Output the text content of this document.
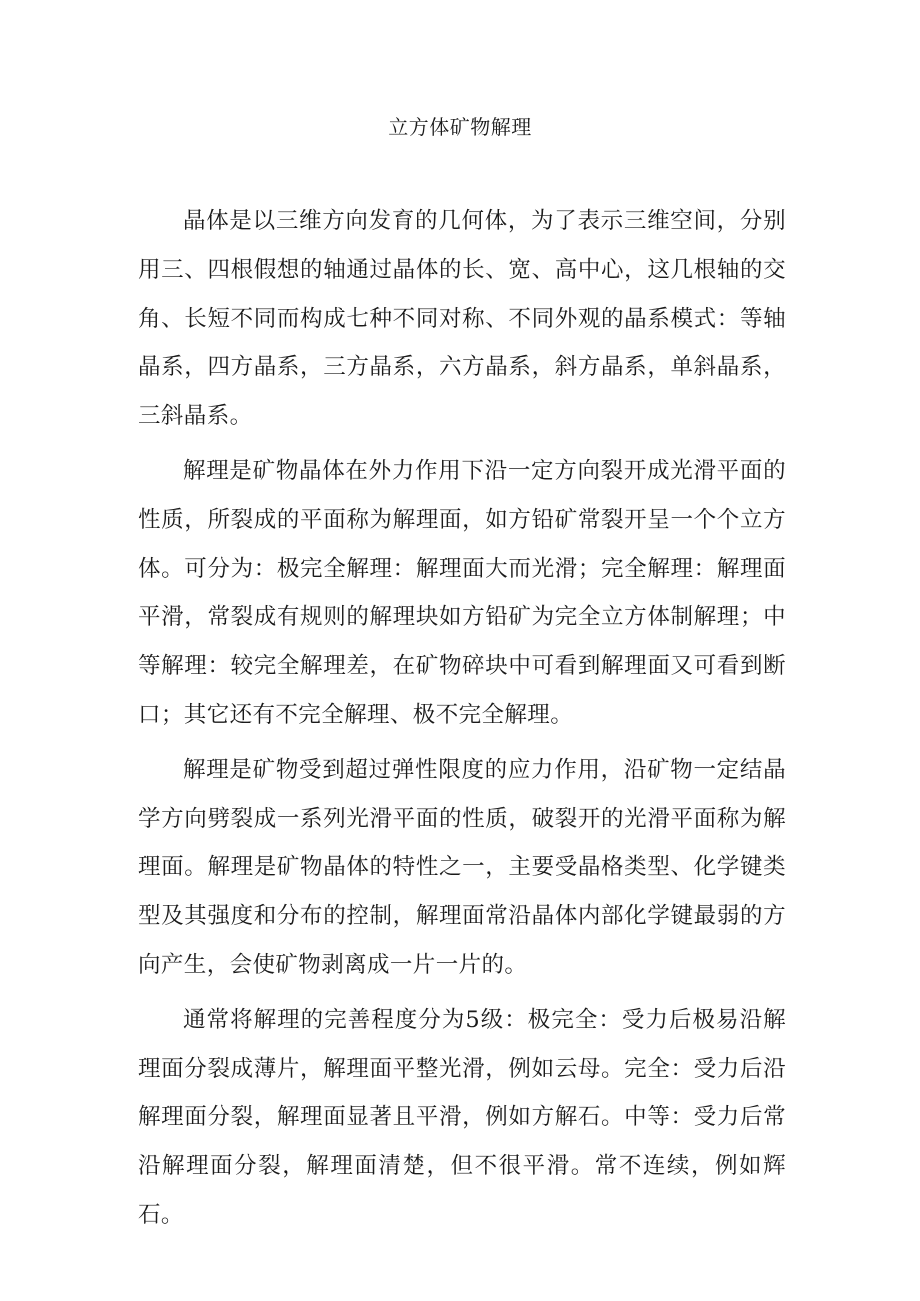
立方体矿物解理

晶体是以三维方向发育的几何体，为了表示三维空间，分别用三、四根假想的轴通过晶体的长、宽、高中心，这几根轴的交角、长短不同而构成七种不同对称、不同外观的晶系模式：等轴晶系，四方晶系，三方晶系，六方晶系，斜方晶系，单斜晶系，三斜晶系。

解理是矿物晶体在外力作用下沿一定方向裂开成光滑平面的性质，所裂成的平面称为解理面，如方铅矿常裂开呈一个个立方体。可分为：极完全解理：解理面大而光滑；完全解理：解理面平滑，常裂成有规则的解理块如方铅矿为完全立方体制解理；中等解理：较完全解理差，在矿物碎块中可看到解理面又可看到断口；其它还有不完全解理、极不完全解理。

解理是矿物受到超过弹性限度的应力作用，沿矿物一定结晶学方向劈裂成一系列光滑平面的性质，破裂开的光滑平面称为解理面。解理是矿物晶体的特性之一，主要受晶格类型、化学键类型及其强度和分布的控制，解理面常沿晶体内部化学键最弱的方向产生，会使矿物剥离成一片一片的。

通常将解理的完善程度分为5级：极完全：受力后极易沿解理面分裂成薄片，解理面平整光滑，例如云母。完全：受力后沿解理面分裂，解理面显著且平滑，例如方解石。中等：受力后常沿解理面分裂，解理面清楚，但不很平滑。常不连续，例如辉石。
